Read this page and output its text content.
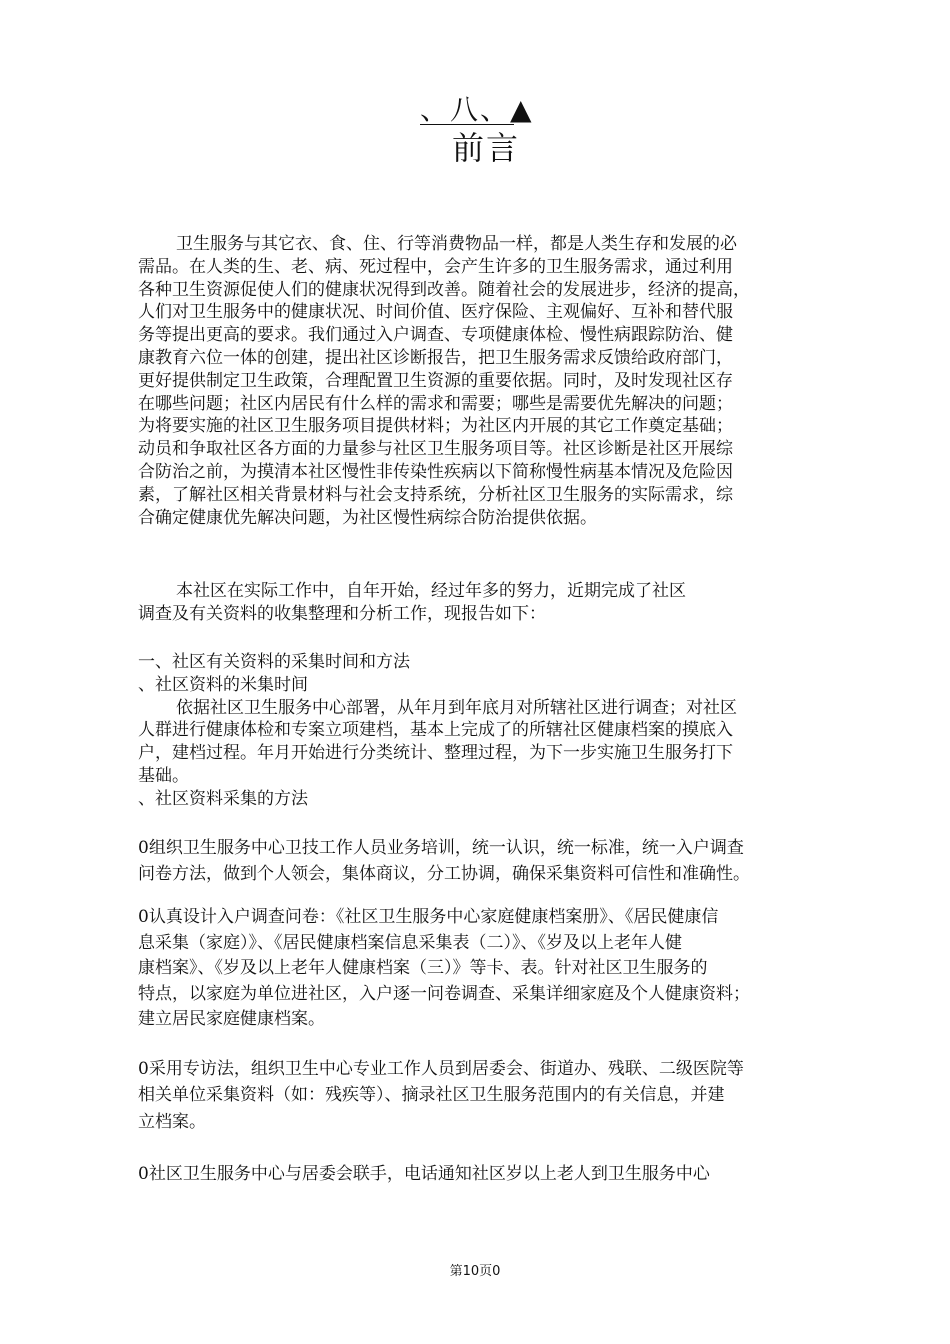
、八、▲
前言
卫生服务与其它衣、食、住、行等消费物品一样，都是人类生存和发展的必
需品。在人类的生、老、病、死过程中，会产生许多的卫生服务需求，通过利用
各种卫生资源促使人们的健康状况得到改善。随着社会的发展进步，经济的提高，
人们对卫生服务中的健康状况、时间价值、医疗保险、主观偏好、互补和替代服
务等提出更高的要求。我们通过入户调查、专项健康体检、慢性病跟踪防治、健
康教育六位一体的创建，提出社区诊断报告，把卫生服务需求反馈给政府部门，
更好提供制定卫生政策，合理配置卫生资源的重要依据。同时，及时发现社区存
在哪些问题；社区内居民有什么样的需求和需要；哪些是需要优先解决的问题；
为将要实施的社区卫生服务项目提供材料；为社区内开展的其它工作奠定基础；
动员和争取社区各方面的力量参与社区卫生服务项目等。社区诊断是社区开展综
合防治之前，为摸清本社区慢性非传染性疾病以下简称慢性病基本情况及危险因
素，了解社区相关背景材料与社会支持系统，分析社区卫生服务的实际需求，综
合确定健康优先解决问题，为社区慢性病综合防治提供依据。
本社区在实际工作中，自年开始，经过年多的努力，近期完成了社区
调查及有关资料的收集整理和分析工作，现报告如下：
一、社区有关资料的采集时间和方法
、社区资料的米集时间
依据社区卫生服务中心部署，从年月到年底月对所辖社区进行调查；对社区
人群进行健康体检和专案立项建档，基本上完成了的所辖社区健康档案的摸底入
户，建档过程。年月开始进行分类统计、整理过程，为下一步实施卫生服务打下
基础。
、社区资料采集的方法
0组织卫生服务中心卫技工作人员业务培训，统一认识，统一标准，统一入户调查
问卷方法，做到个人领会，集体商议，分工协调，确保采集资料可信性和准确性。
0认真设计入户调查问卷：《社区卫生服务中心家庭健康档案册》、《居民健康信
息采集（家庭）》、《居民健康档案信息采集表（二）》、《岁及以上老年人健
康档案》、《岁及以上老年人健康档案（三）》等卡、表。针对社区卫生服务的
特点，以家庭为单位进社区，入户逐一问卷调查、采集详细家庭及个人健康资料；
建立居民家庭健康档案。
0采用专访法，组织卫生中心专业工作人员到居委会、街道办、残联、二级医院等
相关单位采集资料（如：残疾等）、摘录社区卫生服务范围内的有关信息，并建
立档案。
0社区卫生服务中心与居委会联手，电话通知社区岁以上老人到卫生服务中心
第10页0
